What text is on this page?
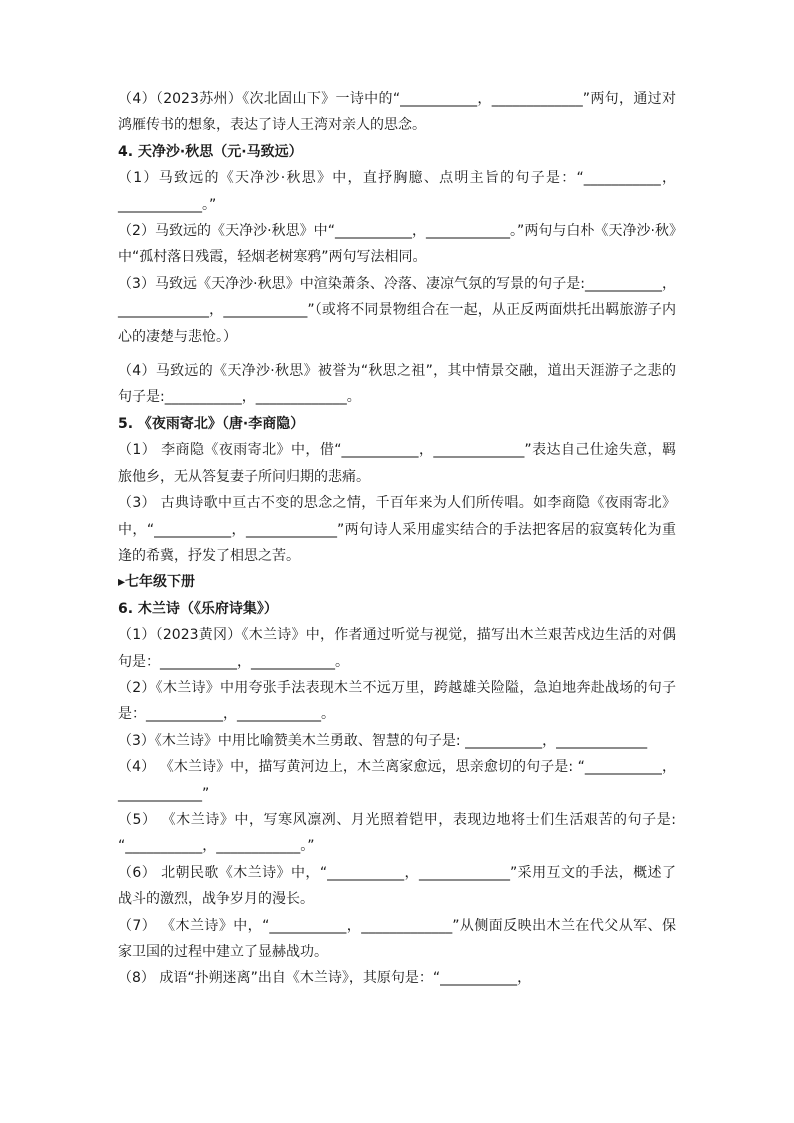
（4）（2023苏州）《次北固山下》一诗中的“___________，_____________”两句，通过对鸿雁传书的想象，表达了诗人王湾对亲人的思念。

4. 天净沙·秋思（元·马致远）

（1）马致远的《天净沙·秋思》中，直抒胸臆、点明主旨的句子是：“___________，____________。”

（2）马致远的《天净沙·秋思》中“___________，____________。”两句与白朴《天净沙·秋》中“孤村落日残霞，轻烟老树寒鸦”两句写法相同。

（3）马致远《天净沙·秋思》中渲染萧条、冷落、凄凉气氛的写景的句子是:___________，_____________，____________”（或将不同景物组合在一起，从正反两面烘托出羁旅游子内心的凄楚与悲怆。）

（4）马致远的《天净沙·秋思》被誉为“秋思之祖”，其中情景交融，道出天涯游子之悲的句子是:___________，_____________。

5. 《夜雨寄北》（唐·李商隐）

（1） 李商隐《夜雨寄北》中，借“___________，_____________”表达自己仕途失意，羁旅他乡，无从答复妻子所问归期的悲痛。

（3） 古典诗歌中亘古不变的思念之情，千百年来为人们所传唱。如李商隐《夜雨寄北》中，“___________，_____________”两句诗人采用虚实结合的手法把客居的寂寞转化为重逢的希冀，抒发了相思之苦。

▸七年级下册

6. 木兰诗（《乐府诗集》）

（1）（2023黄冈）《木兰诗》中，作者通过听觉与视觉，描写出木兰艰苦戍边生活的对偶句是：___________，____________。

（2）《木兰诗》中用夸张手法表现木兰不远万里，跨越雄关险隘，急迫地奔赴战场的句子是：___________，____________。

（3）《木兰诗》中用比喻赞美木兰勇敢、智慧的句子是: ___________，_____________

（4） 《木兰诗》中，描写黄河边上，木兰离家愈远，思亲愈切的句子是: “___________，____________”

（5） 《木兰诗》中，写寒风凛冽、月光照着铠甲，表现边地将士们生活艰苦的句子是: “___________，____________。”

（6） 北朝民歌《木兰诗》中，“___________，_____________”采用互文的手法，概述了战斗的激烈，战争岁月的漫长。

（7） 《木兰诗》中，“___________，_____________”从侧面反映出木兰在代父从军、保家卫国的过程中建立了显赫战功。

（8） 成语“扑朔迷离”出自《木兰诗》，其原句是：“___________，
